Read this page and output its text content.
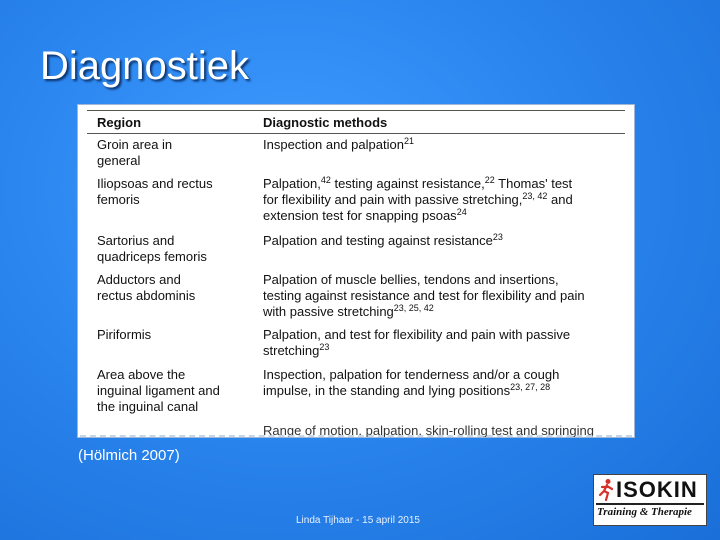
Diagnostiek
Region	Diagnostic methods
Groin area in
general
Inspection and palpation$^{21}$
Iliopsoas and rectus
femoris
Palpation,$^{42}$ testing against resistance,$^{22}$ Thomas' test
for flexibility and pain with passive stretching,$^{23, 42}$ and
extension test for snapping psoas$^{24}$
Sartorius and
quadriceps femoris
Palpation and testing against resistance$^{23}$
Adductors and
rectus abdominis
Palpation of muscle bellies, tendons and insertions,
testing against resistance and test for flexibility and pain
with passive stretching$^{23, 25, 42}$
Piriformis	Palpation, and test for flexibility and pain with passive
stretching$^{23}$
Area above the
inguinal ligament and
the inguinal canal
Inspection, palpation for tenderness and/or a cough
impulse, in the standing and lying positions$^{23, 27, 28}$
Range of motion, palpation, skin-rolling test and springing
(Hölmich 2007)
Linda Tijhaar - 15 april 2015
ISOKIN
Training & Therapie
